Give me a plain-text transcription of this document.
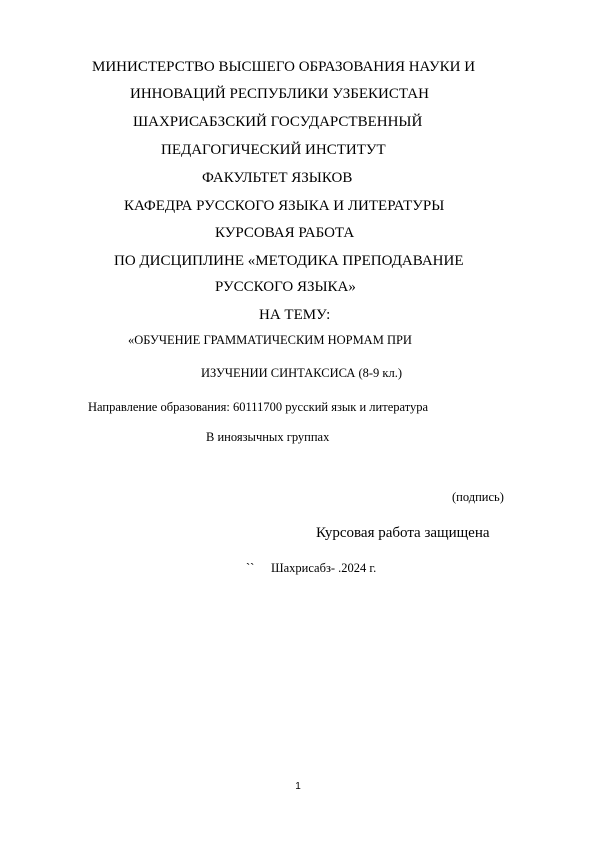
МИНИСТЕРСТВО ВЫСШЕГО ОБРАЗОВАНИЯ НАУКИ И
ИННОВАЦИЙ РЕСПУБЛИКИ УЗБЕКИСТАН
ШАХРИСАБЗСКИЙ ГОСУДАРСТВЕННЫЙ
ПЕДАГОГИЧЕСКИЙ ИНСТИТУТ
ФАКУЛЬТЕТ ЯЗЫКОВ
КАФЕДРА РУССКОГО ЯЗЫКА И ЛИТЕРАТУРЫ
КУРСОВАЯ РАБОТА
ПО ДИСЦИПЛИНЕ «МЕТОДИКА ПРЕПОДАВАНИЕ
РУССКОГО ЯЗЫКА»
НА ТЕМУ:
«ОБУЧЕНИЕ ГРАММАТИЧЕСКИМ НОРМАМ ПРИ
ИЗУЧЕНИИ СИНТАКСИСА (8-9 кл.)
Направление образования: 60111700 русский язык и литература
В иноязычных группах
(подпись)
Курсовая работа защищена
`` Шахрисабз- .2024 г.
1
